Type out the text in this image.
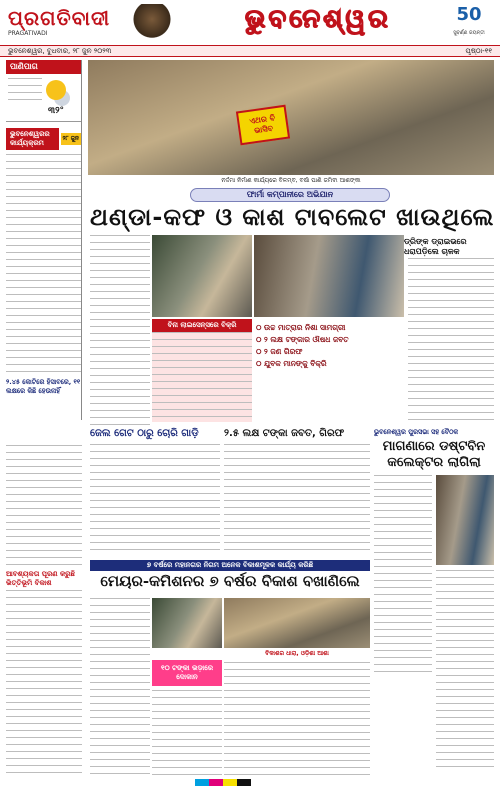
ପ୍ରଗତିବାଦୀ
PRAGATIVADI	ଭୁବନେଶ୍ୱର	50
ସୁବର୍ଣ୍ଣ ଜୟନ୍ତୀ
ଭୁବନେଶ୍ୱର, ବୁଧବାର, ୨୮ ଜୁନ ୨୦୨୩	ପୃଷ୍ଠା-୧୧
ପାଣିପାଗ
୩୨°
ଭୁବନେଶ୍ୱରର କାର୍ଯ୍ୟକ୍ରମ
୨୮ ଜୁନ
୨.୪୫ କୋଟିରେ ହିସାବରେ, ୧୧ ଲକ୍ଷରେ କିଛି ହେଉନାହିଁ
ଏଥର ବି ଭାସିବ
ନର୍ଦ୍ଦମା ନିର୍ମାଣ କାର୍ଯ୍ୟରେ ବିଳମ୍ବ, ବର୍ଷା ପାଣି ଜମିବା ଆଶଙ୍କା
ଫାର୍ମା କମ୍ପାନୀରେ ଅଭିଯାନ
ଥଣ୍ଡା-କଫ ଓ କାଶ ଟାବଲେଟ ଖାଉଥିଲେ
ବିନା ଲାଇସେନ୍ସରେ ବିକ୍ରି	୦ ଉଚ୍ଚ ମାତ୍ରାର ନିଶା ସାମଗ୍ରୀ
୦ ୨ ଲକ୍ଷ ଟଙ୍କାର ଔଷଧ ଜବତ
୦ ୨ ଜଣ ଗିରଫ
୦ ଯୁବକ ମାନଙ୍କୁ ବିକ୍ରି
ଡ୍ରିଙ୍କ ଡ୍ରାଇଭରେ ଧରାପଡ଼ିଲେ ଚାଳକ
ଆବଶ୍ୟକତା ପୂରଣ କରୁଛି ଭିତ୍ତିଭୂମି ବିକାଶ
ଜେଲ ଗେଟ ଠାରୁ ଚୋରି ଗାଡ଼ି	୨.୫ ଲକ୍ଷ ଟଙ୍କା ଜବତ, ଗିରଫ	ଭୁବନେଶ୍ୱର ପୁରସଭା ସହ ବୈଠକ
ମାଗଣାରେ ଡଷ୍ଟବିନ କଲେକ୍ଟର ଲାଗିଲା
୭ ବର୍ଷରେ ମହାନଗର ନିଗମ ଅନେକ ବିକାଶମୂଳକ କାର୍ଯ୍ୟ କରିଛି
ମେୟର-କମିଶନର ୭ ବର୍ଷର ବିକାଶ ବଖାଣିଲେ
ବିକାଶର ଧାରା, ଓଡ଼ିଶା ଆଶା
୧୦ ଟଙ୍କା ଭଡ଼ାରେ ଦୋକାନ
